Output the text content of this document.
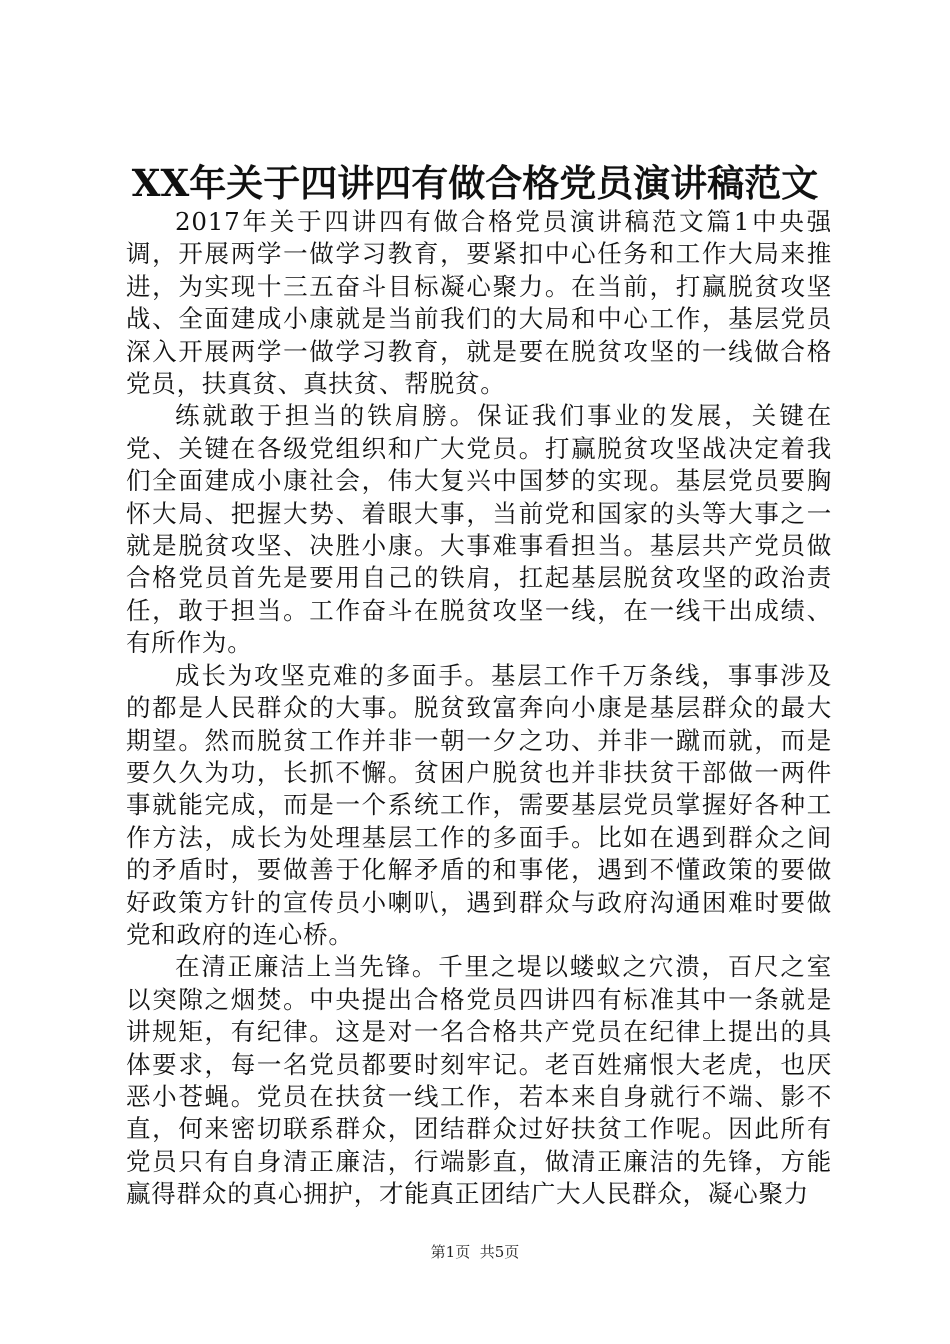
XX年关于四讲四有做合格党员演讲稿范文

2017年关于四讲四有做合格党员演讲稿范文篇1中央强调，开展两学一做学习教育，要紧扣中心任务和工作大局来推进，为实现十三五奋斗目标凝心聚力。在当前，打赢脱贫攻坚战、全面建成小康就是当前我们的大局和中心工作，基层党员深入开展两学一做学习教育，就是要在脱贫攻坚的一线做合格党员，扶真贫、真扶贫、帮脱贫。

练就敢于担当的铁肩膀。保证我们事业的发展，关键在党、关键在各级党组织和广大党员。打赢脱贫攻坚战决定着我们全面建成小康社会，伟大复兴中国梦的实现。基层党员要胸怀大局、把握大势、着眼大事，当前党和国家的头等大事之一就是脱贫攻坚、决胜小康。大事难事看担当。基层共产党员做合格党员首先是要用自己的铁肩，扛起基层脱贫攻坚的政治责任，敢于担当。工作奋斗在脱贫攻坚一线，在一线干出成绩、有所作为。

成长为攻坚克难的多面手。基层工作千万条线，事事涉及的都是人民群众的大事。脱贫致富奔向小康是基层群众的最大期望。然而脱贫工作并非一朝一夕之功、并非一蹴而就，而是要久久为功，长抓不懈。贫困户脱贫也并非扶贫干部做一两件事就能完成，而是一个系统工作，需要基层党员掌握好各种工作方法，成长为处理基层工作的多面手。比如在遇到群众之间的矛盾时，要做善于化解矛盾的和事佬，遇到不懂政策的要做好政策方针的宣传员小喇叭，遇到群众与政府沟通困难时要做党和政府的连心桥。

在清正廉洁上当先锋。千里之堤以蝼蚁之穴溃，百尺之室以突隙之烟焚。中央提出合格党员四讲四有标准其中一条就是讲规矩，有纪律。这是对一名合格共产党员在纪律上提出的具体要求，每一名党员都要时刻牢记。老百姓痛恨大老虎，也厌恶小苍蝇。党员在扶贫一线工作，若本来自身就行不端、影不直，何来密切联系群众，团结群众过好扶贫工作呢。因此所有党员只有自身清正廉洁，行端影直，做清正廉洁的先锋，方能赢得群众的真心拥护，才能真正团结广大人民群众，凝心聚力

第1页 共5页
